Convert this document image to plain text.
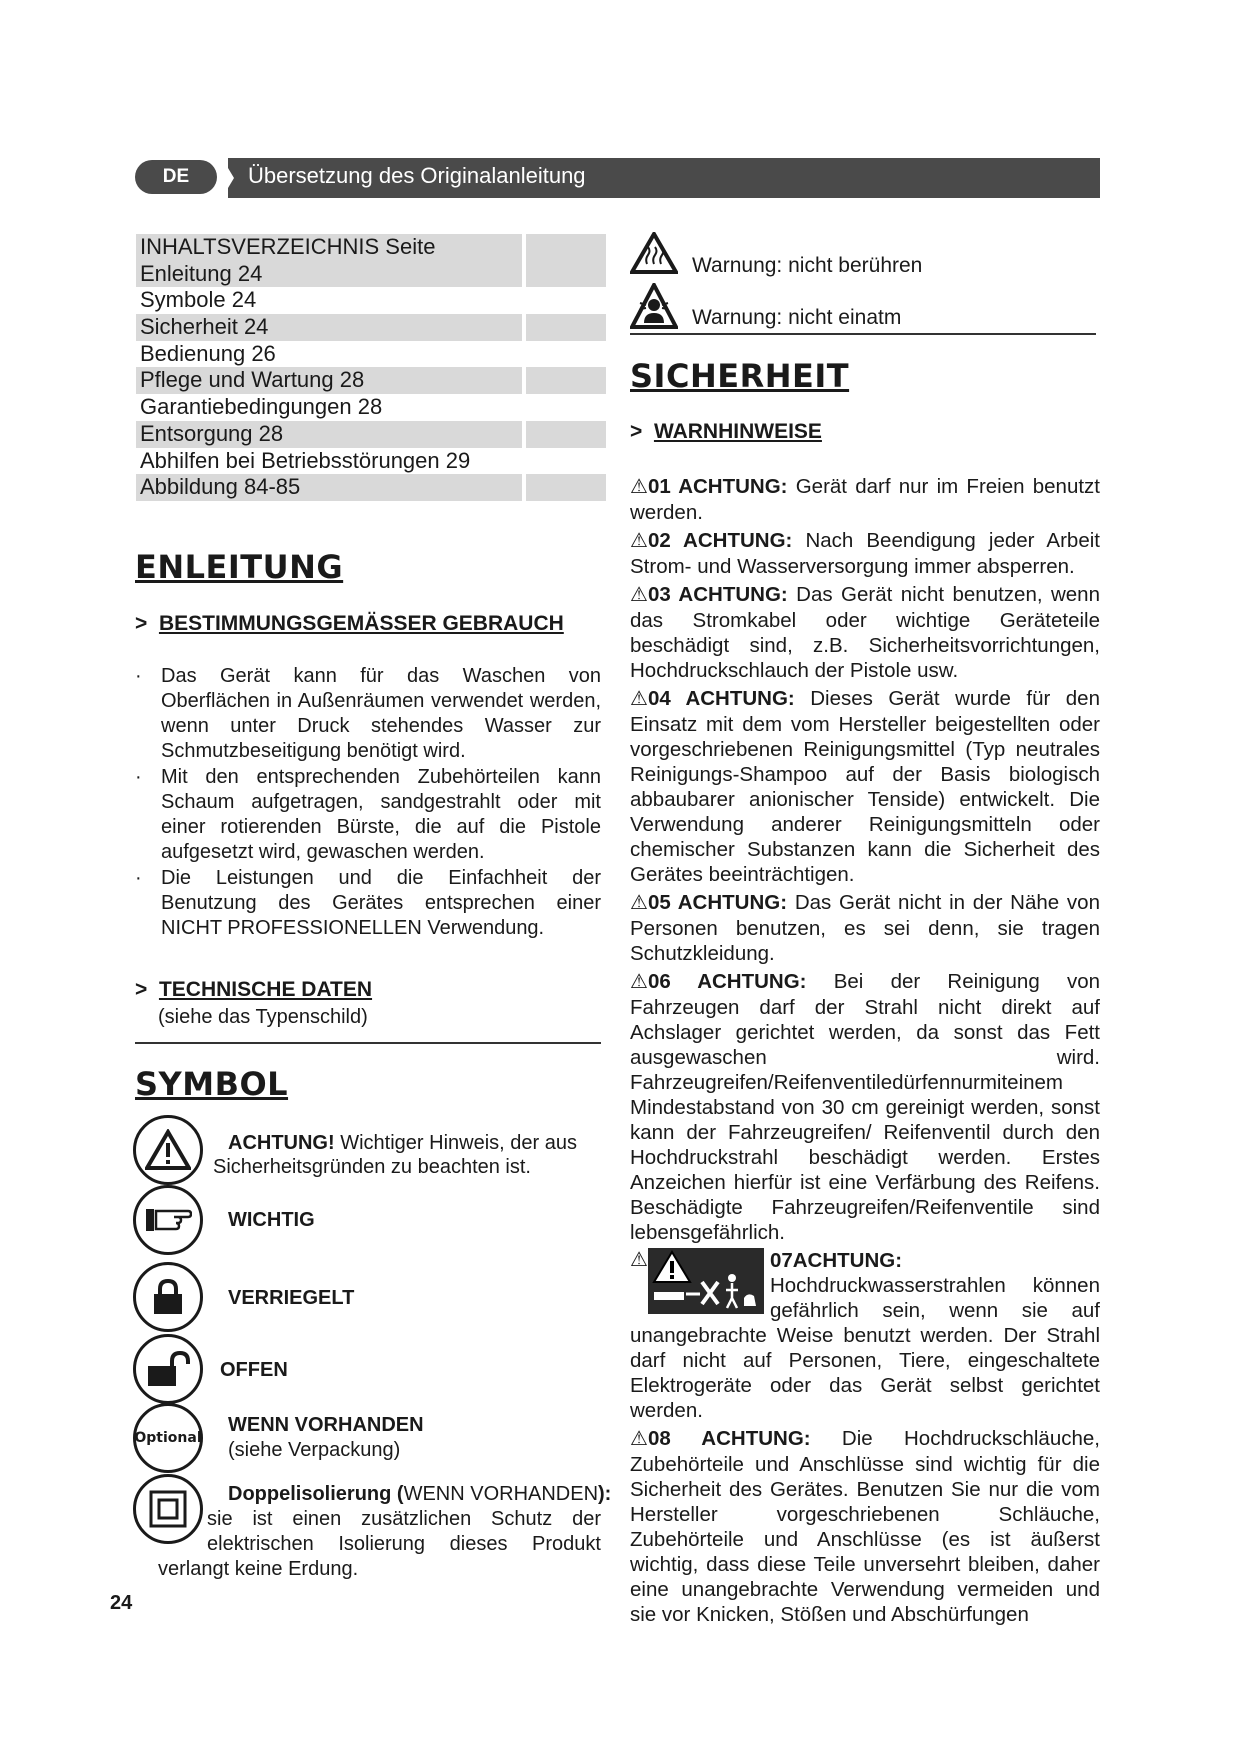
DE	Übersetzung des Originalanleitung
INHALTSVERZEICHNIS Seite
Enleitung 24
Symbole 24
Sicherheit 24
Bedienung 26
Pflege und Wartung 28
Garantiebedingungen 28
Entsorgung 28
Abhilfen bei Betriebsstörungen 29
Abbildung 84-85
ENLEITUNG
> BESTIMMUNGSGEMÄSSER GEBRAUCH
· Das Gerät kann für das Waschen von Oberflächen in Außenräumen verwendet werden, wenn unter Druck stehendes Wasser zur Schmutzbeseitigung benötigt wird.
· Mit den entsprechenden Zubehörteilen kann Schaum aufgetragen, sandgestrahlt oder mit einer rotierenden Bürste, die auf die Pistole aufgesetzt wird, gewaschen werden.
· Die Leistungen und die Einfachheit der Benutzung des Gerätes entsprechen einer NICHT PROFESSIONELLEN Verwendung.
> TECHNISCHE DATEN
(siehe das Typenschild)
SYMBOL
ACHTUNG! Wichtiger Hinweis, der aus
Sicherheitsgründen zu beachten ist.
WICHTIG
VERRIEGELT
OFFEN
Optional
WENN VORHANDEN
(siehe Verpackung)
Doppelisolierung (WENN VORHANDEN):
sie ist einen zusätzlichen Schutz der
elektrischen Isolierung dieses Produkt
verlangt keine Erdung.
24
Warnung: nicht berühren
Warnung: nicht einatm
SICHERHEIT
> WARNHINWEISE
⚠01 ACHTUNG: Gerät darf nur im Freien benutzt werden.
⚠02 ACHTUNG: Nach Beendigung jeder Arbeit Strom- und Wasserversorgung immer absperren.
⚠03 ACHTUNG: Das Gerät nicht benutzen, wenn das Stromkabel oder wichtige Geräteteile beschädigt sind, z.B. Sicherheitsvorrichtungen, Hochdruckschlauch der Pistole usw.
⚠04 ACHTUNG: Dieses Gerät wurde für den Einsatz mit dem vom Hersteller beigestellten oder vorgeschriebenen Reinigungsmittel (Typ neutrales Reinigungs-Shampoo auf der Basis biologisch abbaubarer anionischer Tenside) entwickelt. Die Verwendung anderer Reinigungsmitteln oder chemischer Substanzen kann die Sicherheit des Gerätes beeinträchtigen.
⚠05 ACHTUNG: Das Gerät nicht in der Nähe von Personen benutzen, es sei denn, sie tragen Schutzkleidung.
⚠06 ACHTUNG: Bei der Reinigung von Fahrzeugen darf der Strahl nicht direkt auf Achslager gerichtet werden, da sonst das Fett ausgewaschen wird. Fahrzeugreifen/Reifenventiledürfennurmiteinem Mindestabstand von 30 cm gereinigt werden, sonst kann der Fahrzeugreifen/ Reifenventil durch den Hochdruckstrahl beschädigt werden. Erstes Anzeichen hierfür ist eine Verfärbung des Reifens. Beschädigte Fahrzeugreifen/Reifenventile sind lebensgefährlich.
⚠	07ACHTUNG:

Hochdruckwasserstrahlen können
gefährlich sein, wenn sie auf
unangebrachte Weise benutzt werden. Der Strahl darf nicht auf Personen, Tiere, eingeschaltete Elektrogeräte oder das Gerät selbst gerichtet werden.
⚠08 ACHTUNG: Die Hochdruckschläuche, Zubehörteile und Anschlüsse sind wichtig für die Sicherheit des Gerätes. Benutzen Sie nur die vom Hersteller vorgeschriebenen Schläuche, Zubehörteile und Anschlüsse (es ist äußerst wichtig, dass diese Teile unversehrt bleiben, daher eine unangebrachte Verwendung vermeiden und sie vor Knicken, Stößen und Abschürfungen
